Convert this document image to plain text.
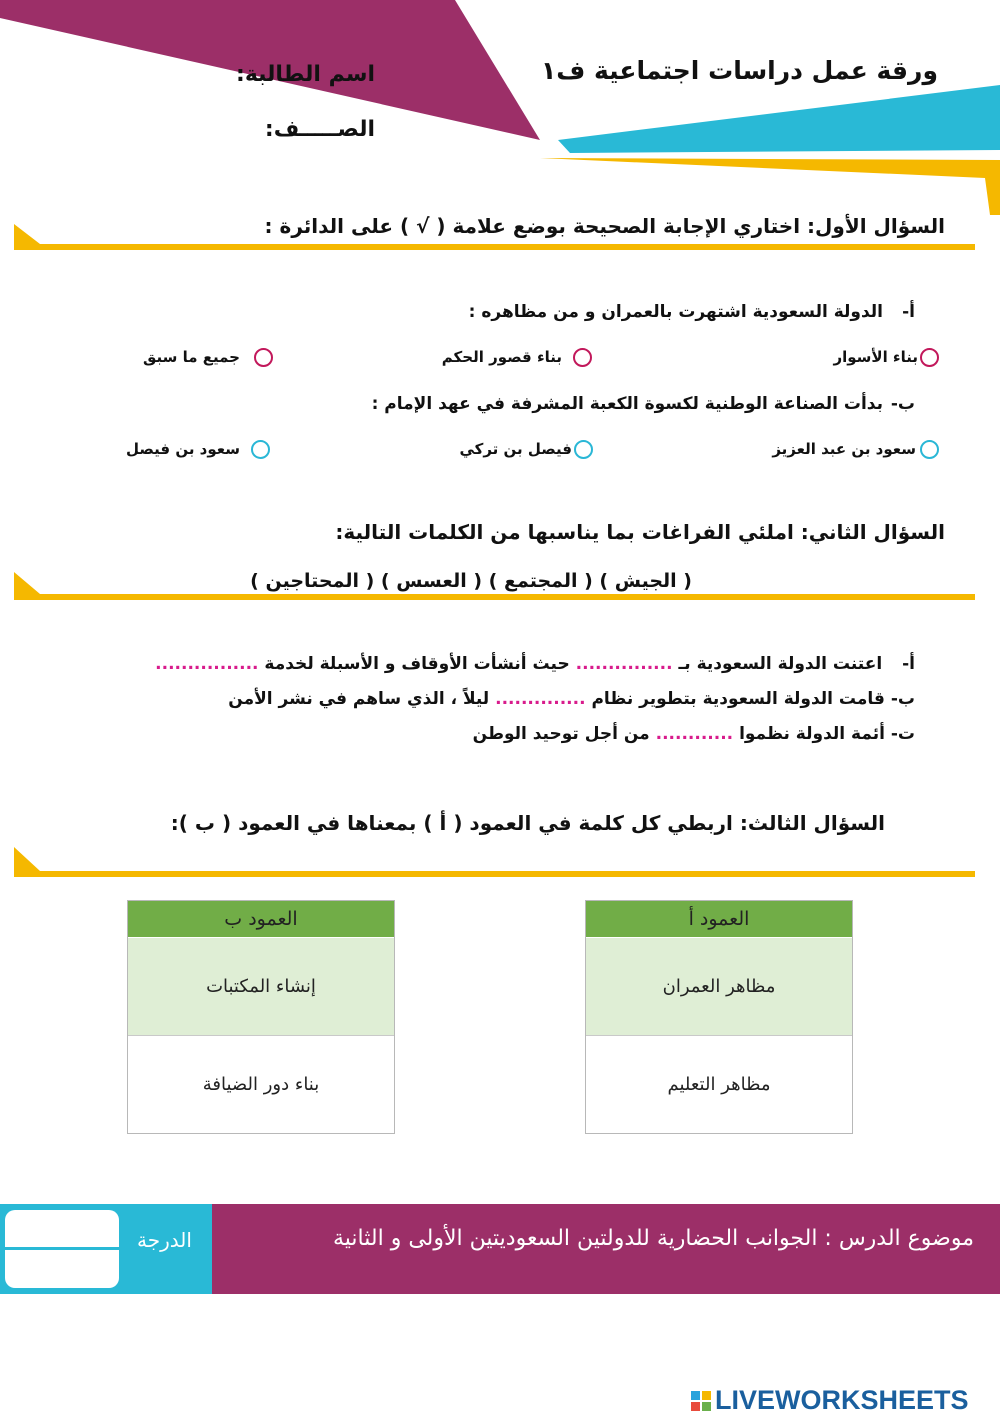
ورقة عمل دراسات اجتماعية ف١
اسم الطالبة:
الصـــــف:
السؤال الأول: اختاري الإجابة الصحيحة بوضع علامة ( √ ) على الدائرة :
أ-
الدولة السعودية اشتهرت بالعمران و من مظاهره :
بناء الأسوار
بناء قصور الحكم
جميع ما سبق
ب-
بدأت الصناعة الوطنية لكسوة الكعبة المشرفة في عهد الإمام :
سعود بن عبد العزيز
فيصل بن تركي
سعود بن فيصل
السؤال الثاني: املئي الفراغات بما يناسبها من الكلمات التالية:
( الجيش ) ( المجتمع ) ( العسس ) ( المحتاجين )
أ- اعتنت الدولة السعودية بـ ............... حيث أنشأت الأوقاف و الأسبلة لخدمة ................
ب- قامت الدولة السعودية بتطوير نظام .............. ليلاً ، الذي ساهم في نشر الأمن
ت- أئمة الدولة نظموا ............ من أجل توحيد الوطن
السؤال الثالث: اربطي كل كلمة في العمود ( أ ) بمعناها في العمود ( ب ):
العمود ب
إنشاء المكتبات
بناء دور الضيافة
العمود أ
مظاهر العمران
مظاهر التعليم
الدرجة	موضوع الدرس : الجوانب الحضارية للدولتين السعوديتين الأولى و الثانية
LIVEWORKSHEETS
